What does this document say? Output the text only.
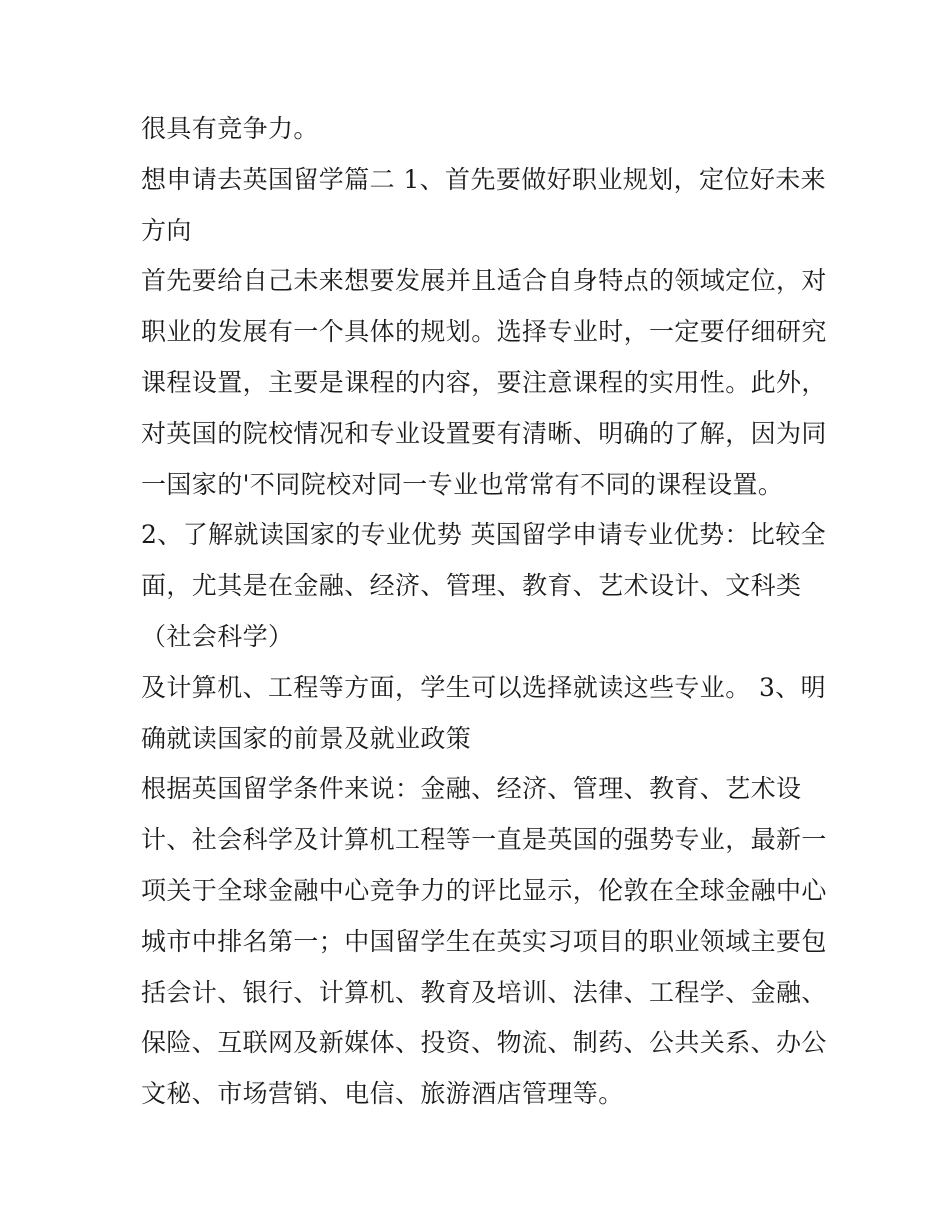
很具有竞争力。
想申请去英国留学篇二 1、首先要做好职业规划，定位好未来
方向
首先要给自己未来想要发展并且适合自身特点的领域定位，对
职业的发展有一个具体的规划。选择专业时，一定要仔细研究
课程设置，主要是课程的内容，要注意课程的实用性。此外，
对英国的院校情况和专业设置要有清晰、明确的了解，因为同
一国家的'不同院校对同一专业也常常有不同的课程设置。
2、了解就读国家的专业优势 英国留学申请专业优势：比较全
面，尤其是在金融、经济、管理、教育、艺术设计、文科类
（社会科学）
及计算机、工程等方面，学生可以选择就读这些专业。 3、明
确就读国家的前景及就业政策
根据英国留学条件来说：金融、经济、管理、教育、艺术设
计、社会科学及计算机工程等一直是英国的强势专业，最新一
项关于全球金融中心竞争力的评比显示，伦敦在全球金融中心
城市中排名第一；中国留学生在英实习项目的职业领域主要包
括会计、银行、计算机、教育及培训、法律、工程学、金融、
保险、互联网及新媒体、投资、物流、制药、公共关系、办公
文秘、市场营销、电信、旅游酒店管理等。
